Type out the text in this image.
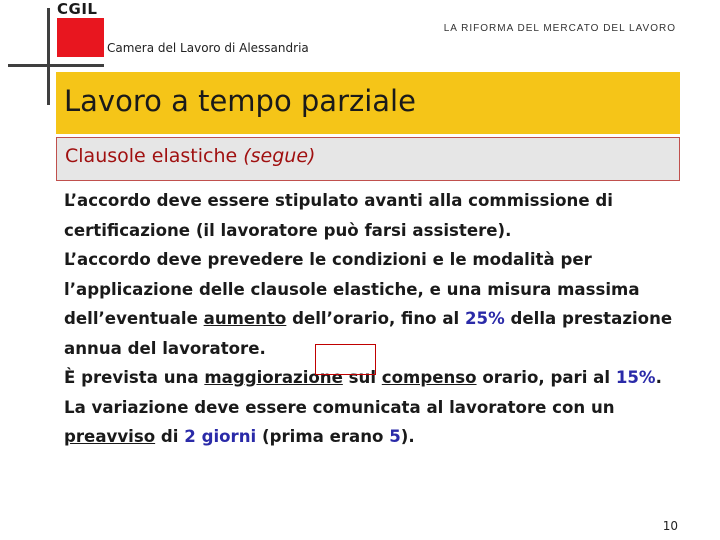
CGIL
Camera del Lavoro di Alessandria
LA RIFORMA DEL MERCATO DEL LAVORO
Lavoro a tempo parziale
Clausole elastiche (segue)

L’accordo deve essere stipulato avanti alla commissione di certificazione (il lavoratore può farsi assistere).

L’accordo deve prevedere le condizioni e le modalità per l’applicazione delle clausole elastiche, e una misura massima dell’eventuale aumento dell’orario, fino al 25% della prestazione annua del lavoratore.

È prevista una maggiorazione sul compenso orario, pari al 15%.

La variazione deve essere comunicata al lavoratore con un preavviso di 2 giorni (prima erano 5).

10
